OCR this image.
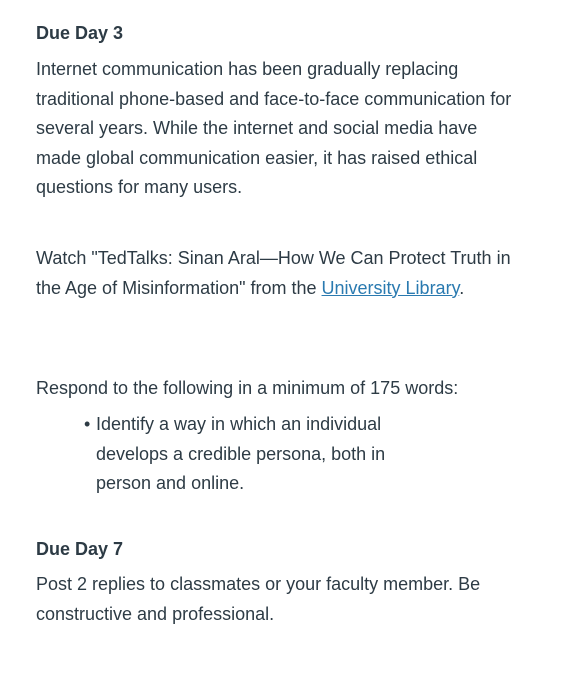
Due Day 3

Internet communication has been gradually replacing traditional phone-based and face-to-face communication for several years. While the internet and social media have made global communication easier, it has raised ethical questions for many users.

Watch "TedTalks: Sinan Aral—How We Can Protect Truth in the Age of Misinformation" from the University Library.

Respond to the following in a minimum of 175 words:

• Identify a way in which an individual develops a credible persona, both in person and online.
Due Day 7

Post 2 replies to classmates or your faculty member. Be constructive and professional.
